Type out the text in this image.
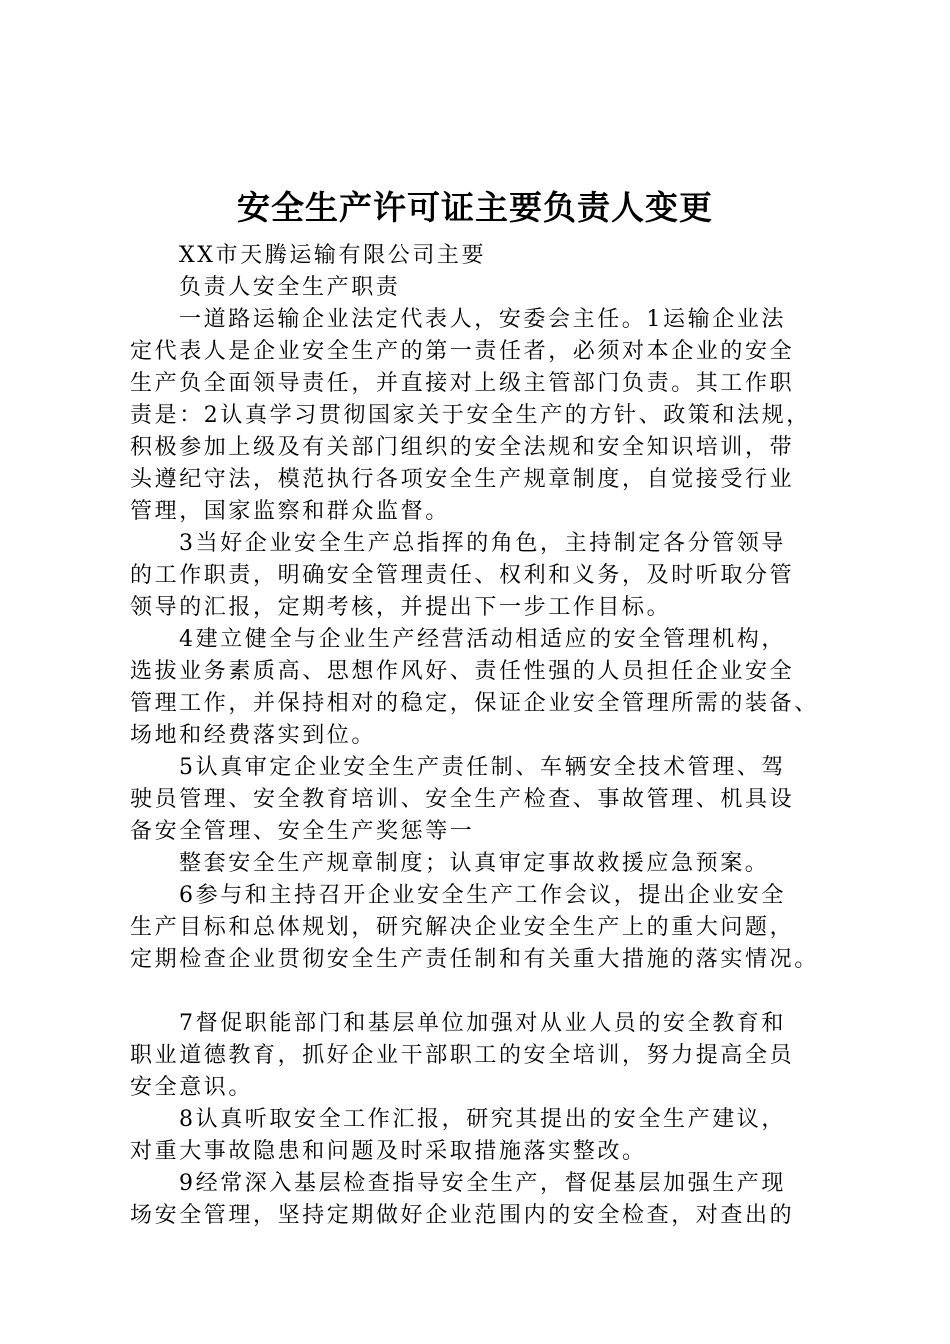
安全生产许可证主要负责人变更
XX市天腾运输有限公司主要
负责人安全生产职责
一道路运输企业法定代表人，安委会主任。1运输企业法
定代表人是企业安全生产的第一责任者，必须对本企业的安全
生产负全面领导责任，并直接对上级主管部门负责。其工作职
责是：2认真学习贯彻国家关于安全生产的方针、政策和法规，
积极参加上级及有关部门组织的安全法规和安全知识培训，带
头遵纪守法，模范执行各项安全生产规章制度，自觉接受行业
管理，国家监察和群众监督。
3当好企业安全生产总指挥的角色，主持制定各分管领导
的工作职责，明确安全管理责任、权利和义务，及时听取分管
领导的汇报，定期考核，并提出下一步工作目标。
4建立健全与企业生产经营活动相适应的安全管理机构，
选拔业务素质高、思想作风好、责任性强的人员担任企业安全
管理工作，并保持相对的稳定，保证企业安全管理所需的装备、
场地和经费落实到位。
5认真审定企业安全生产责任制、车辆安全技术管理、驾
驶员管理、安全教育培训、安全生产检查、事故管理、机具设
备安全管理、安全生产奖惩等一
整套安全生产规章制度；认真审定事故救援应急预案。
6参与和主持召开企业安全生产工作会议，提出企业安全
生产目标和总体规划，研究解决企业安全生产上的重大问题，
定期检查企业贯彻安全生产责任制和有关重大措施的落实情况。
7督促职能部门和基层单位加强对从业人员的安全教育和
职业道德教育，抓好企业干部职工的安全培训，努力提高全员
安全意识。
8认真听取安全工作汇报，研究其提出的安全生产建议，
对重大事故隐患和问题及时采取措施落实整改。
9经常深入基层检查指导安全生产，督促基层加强生产现
场安全管理，坚持定期做好企业范围内的安全检查，对查出的
